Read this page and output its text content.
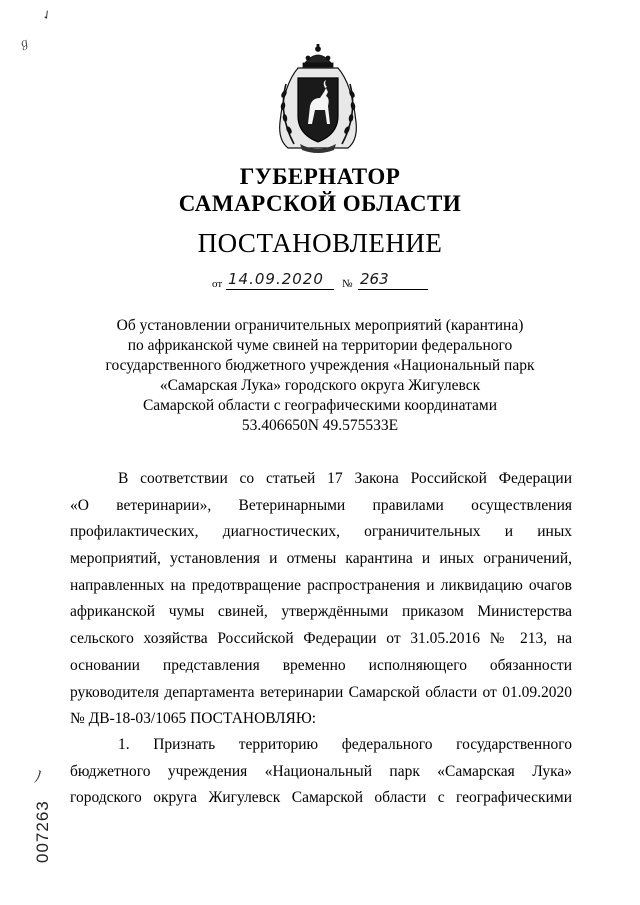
✓
ℊ
ГУБЕРНАТОР
САМАРСКОЙ ОБЛАСТИ
ПОСТАНОВЛЕНИЕ
от 14.09.2020 № 263
Об установлении ограничительных мероприятий (карантина)
по африканской чуме свиней на территории федерального
государственного бюджетного учреждения «Национальный парк
«Самарская Лука» городского округа Жигулевск
Самарской области с географическими координатами
53.406650N 49.575533E
В соответствии со статьей 17 Закона Российской Федерации
«О ветеринарии», Ветеринарными правилами осуществления
профилактических, диагностических, ограничительных и иных
мероприятий, установления и отмены карантина и иных ограничений,
направленных на предотвращение распространения и ликвидацию очагов
африканской чумы свиней, утверждёнными приказом Министерства
сельского хозяйства Российской Федерации от 31.05.2016 № 213, на
основании представления временно исполняющего обязанности
руководителя департамента ветеринарии Самарской области от 01.09.2020
№ ДВ-18-03/1065 ПОСТАНОВЛЯЮ:
1. Признать территорию федерального государственного
бюджетного учреждения «Национальный парк «Самарская Лука»
городского округа Жигулевск Самарской области с географическими
ﾉ
007263
